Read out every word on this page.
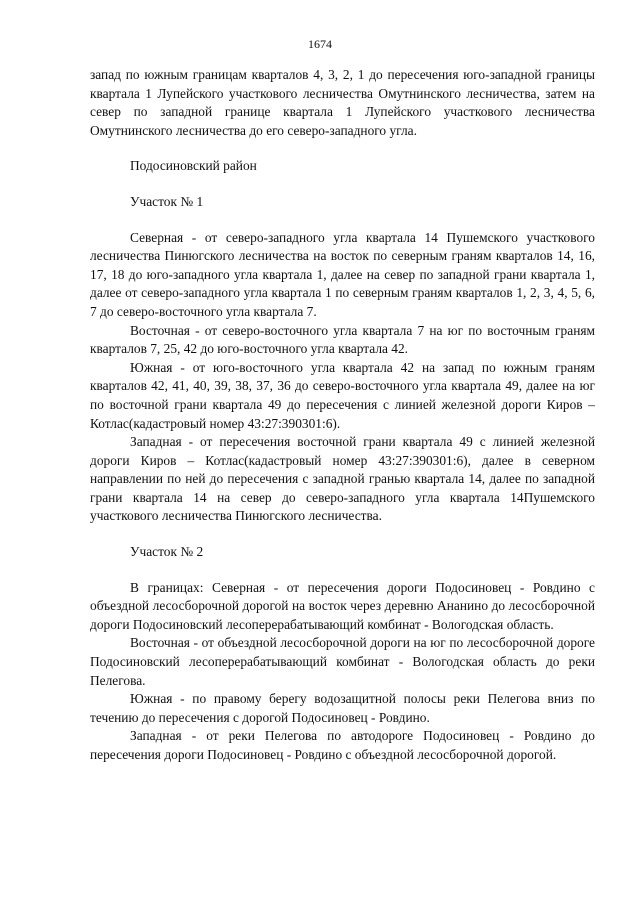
1674

запад по южным границам кварталов 4, 3, 2, 1 до пересечения юго-западной границы квартала 1 Лупейского участкового лесничества Омутнинского лесничества, затем на север по западной границе квартала 1 Лупейского участкового лесничества Омутнинского лесничества до его северо-западного угла.

Подосиновский район

Участок № 1

Северная - от северо-западного угла квартала 14 Пушемского участкового лесничества Пинюгского лесничества на восток по северным граням кварталов 14, 16, 17, 18 до юго-западного угла квартала 1, далее на север по западной грани квартала 1, далее от северо-западного угла квартала 1 по северным граням кварталов 1, 2, 3, 4, 5, 6, 7 до северо-восточного угла квартала 7.

Восточная - от северо-восточного угла квартала 7 на юг по восточным граням кварталов 7, 25, 42 до юго-восточного угла квартала 42.

Южная - от юго-восточного угла квартала 42 на запад по южным граням кварталов 42, 41, 40, 39, 38, 37, 36 до северо-восточного угла квартала 49, далее на юг по восточной грани квартала 49 до пересечения с линией железной дороги Киров – Котлас(кадастровый номер 43:27:390301:6).

Западная - от пересечения восточной грани квартала 49 с линией железной дороги Киров – Котлас(кадастровый номер 43:27:390301:6), далее в северном направлении по ней до пересечения с западной гранью квартала 14, далее по западной грани квартала 14 на север до северо-западного угла квартала 14Пушемского участкового лесничества Пинюгского лесничества.

Участок № 2

В границах: Северная - от пересечения дороги Подосиновец - Ровдино с объездной лесосборочной дорогой на восток через деревню Ананино до лесосборочной дороги Подосиновский лесоперерабатывающий комбинат - Вологодская область.

Восточная - от объездной лесосборочной дороги на юг по лесосборочной дороге Подосиновский лесоперерабатывающий комбинат - Вологодская область до реки Пелегова.

Южная - по правому берегу водозащитной полосы реки Пелегова вниз по течению до пересечения с дорогой Подосиновец - Ровдино.

Западная - от реки Пелегова по автодороге Подосиновец - Ровдино до пересечения дороги Подосиновец - Ровдино с объездной лесосборочной дорогой.
